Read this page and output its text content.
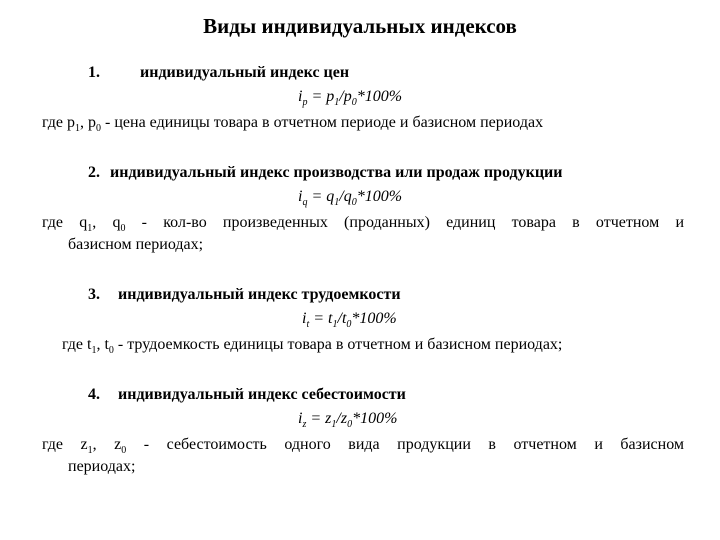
Виды индивидуальных индексов
1.	индивидуальный индекс цен
$i_p = p_1/p_0*100\%$
где $p_1$, $p_0$ - цена единицы товара в отчетном периоде и базисном периодах
2. индивидуальный индекс производства или продаж продукции
$i_q = q_1/q_0*100\%$
где $q_1$, $q_0 - кол-во$ произведенных (проданных) единиц товара в отчетном и
базисном периодах;
3. индивидуальный индекс трудоемкости
$i_t = t_1/t_0*100\%$
где $t_1$, $t_0$ - трудоемкость единицы товара в отчетном и базисном периодах;
4. индивидуальный индекс себестоимости
$i_z = z_1/z_0*100\%$
где $z_1$, $z_0$ - себестоимость одного вида продукции в отчетном и базисном
периодах;
